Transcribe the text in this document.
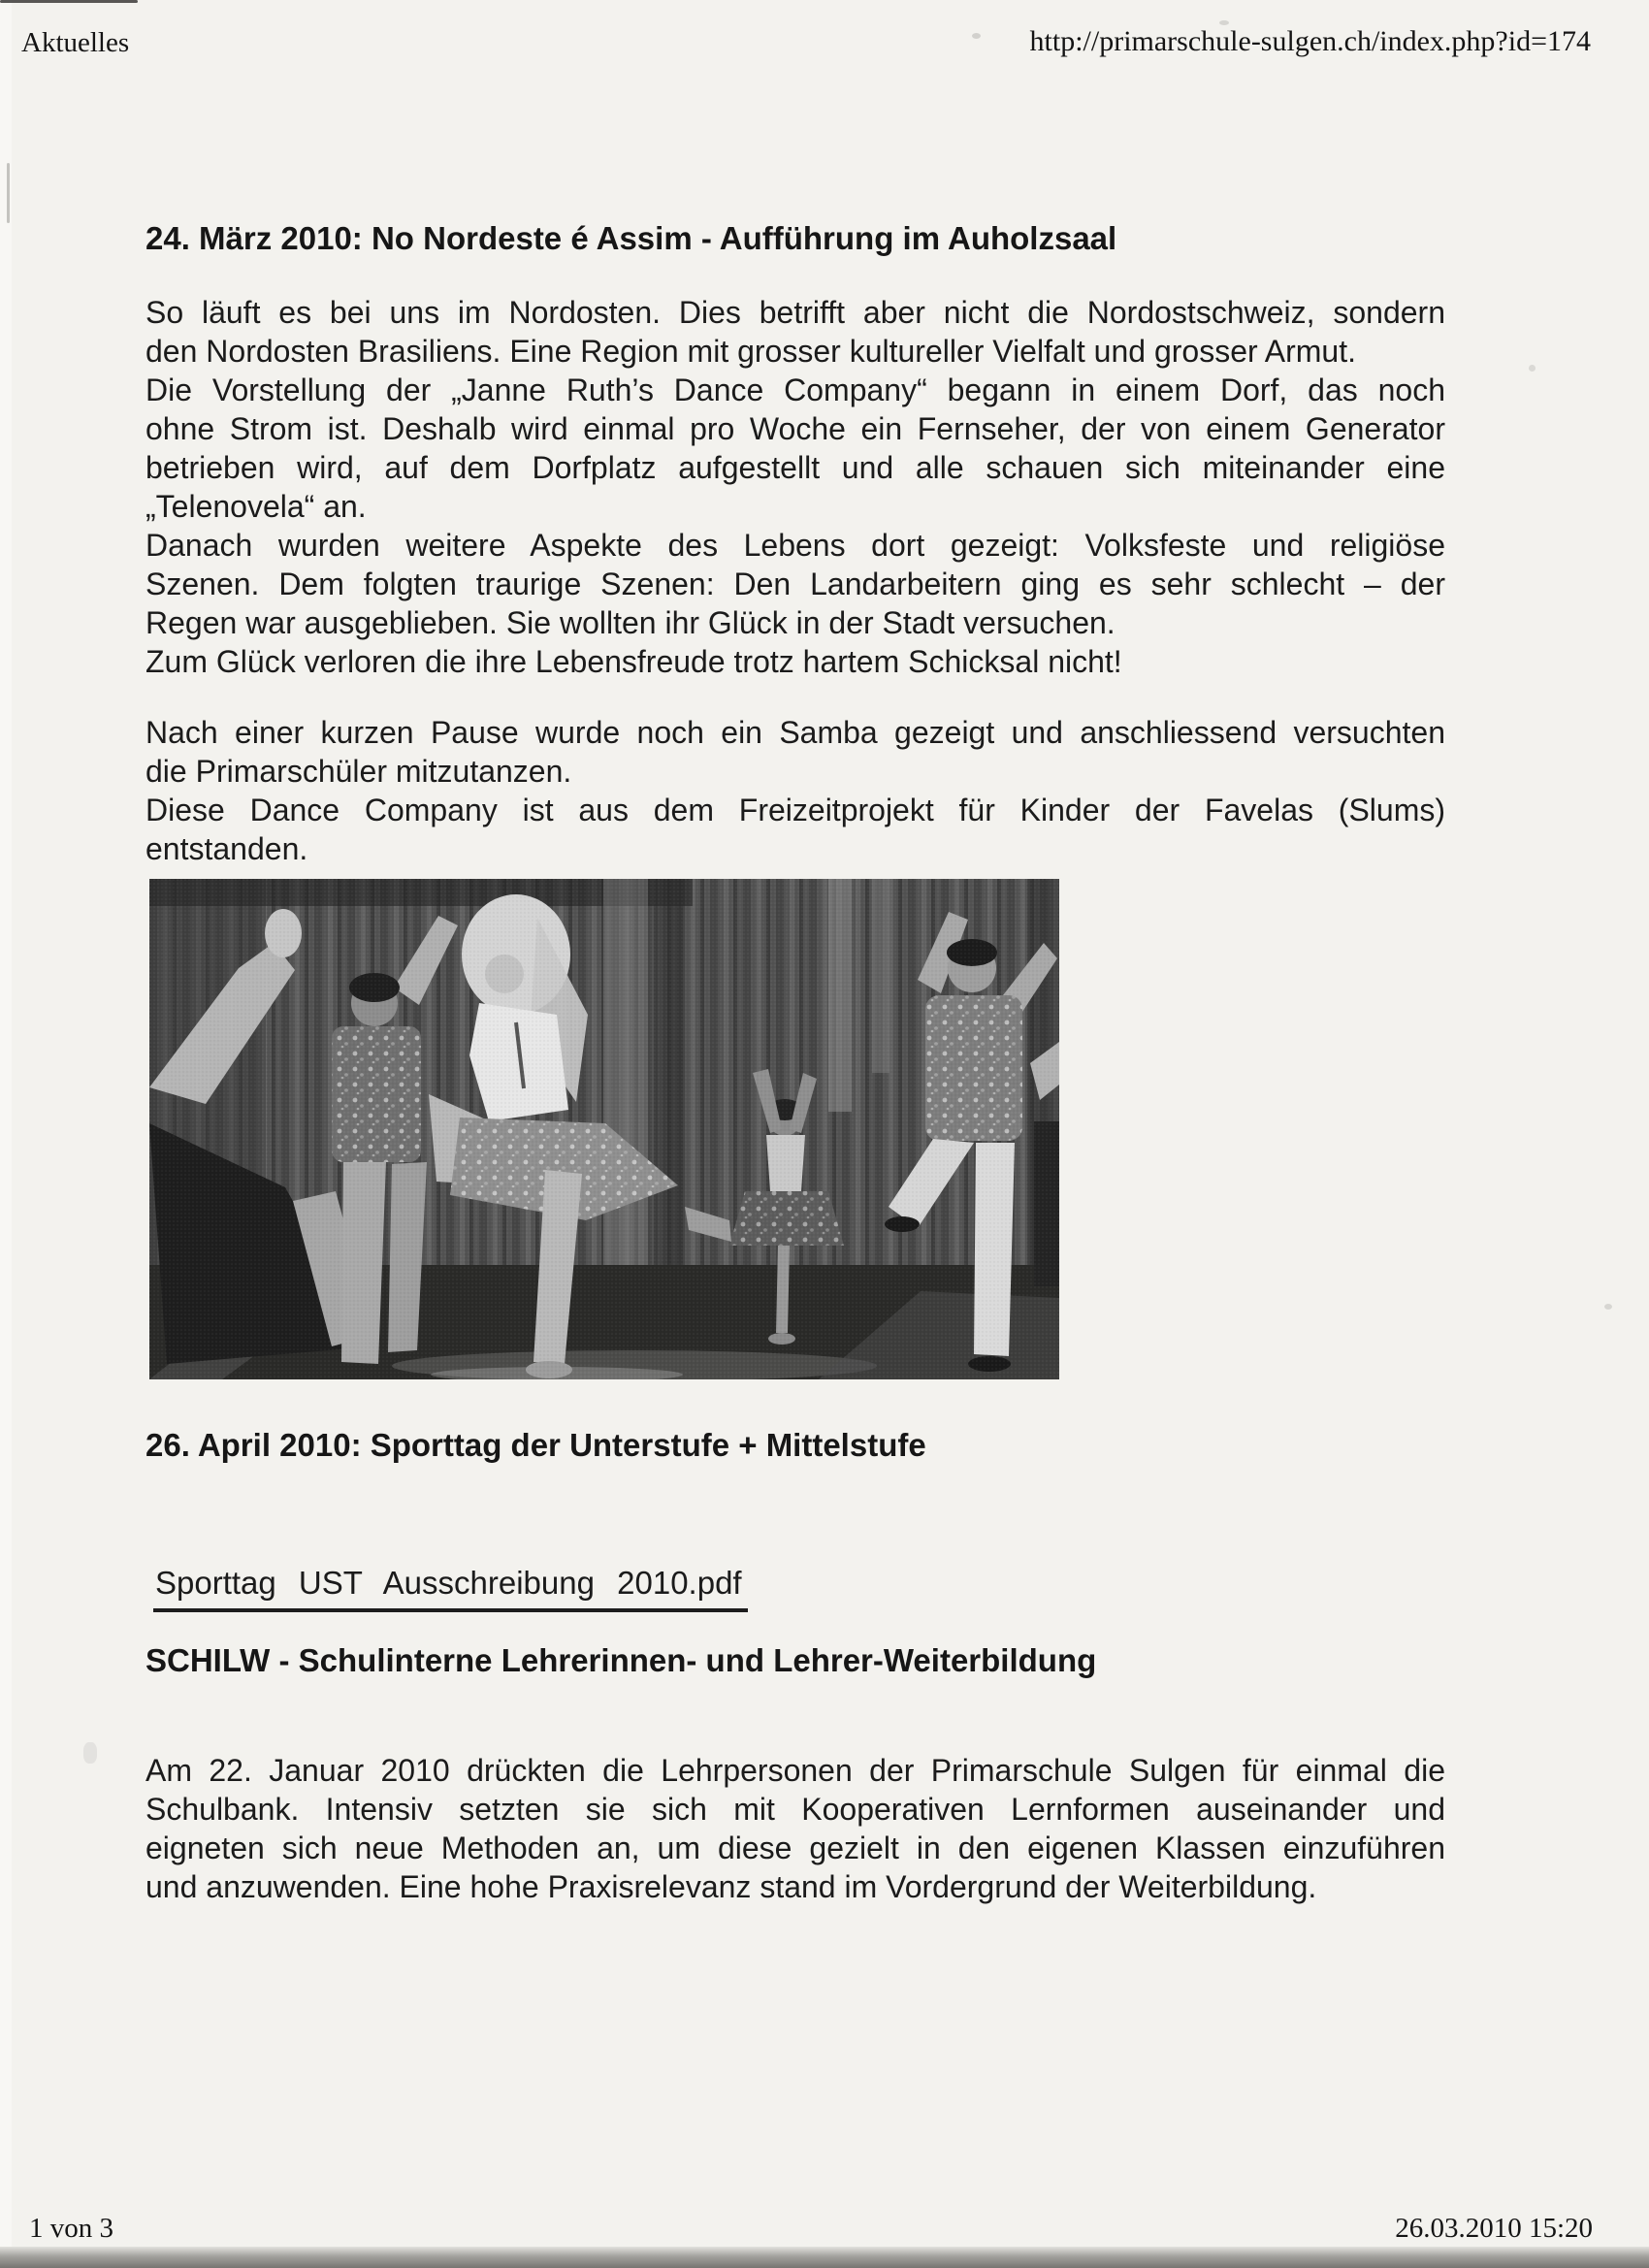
Aktuelles	http://primarschule-sulgen.ch/index.php?id=174
24. März 2010: No Nordeste é Assim - Aufführung im Auholzsaal
So läuft es bei uns im Nordosten. Dies betrifft aber nicht die Nordostschweiz, sondern
den Nordosten Brasiliens. Eine Region mit grosser kultureller Vielfalt und grosser Armut.
Die Vorstellung der „Janne Ruth’s Dance Company“ begann in einem Dorf, das noch
ohne Strom ist. Deshalb wird einmal pro Woche ein Fernseher, der von einem Generator
betrieben wird, auf dem Dorfplatz aufgestellt und alle schauen sich miteinander eine
„Telenovela“ an.
Danach wurden weitere Aspekte des Lebens dort gezeigt: Volksfeste und religiöse
Szenen. Dem folgten traurige Szenen: Den Landarbeitern ging es sehr schlecht – der
Regen war ausgeblieben. Sie wollten ihr Glück in der Stadt versuchen.
Zum Glück verloren die ihre Lebensfreude trotz hartem Schicksal nicht!
Nach einer kurzen Pause wurde noch ein Samba gezeigt und anschliessend versuchten
die Primarschüler mitzutanzen.
Diese Dance Company ist aus dem Freizeitprojekt für Kinder der Favelas (Slums)
entstanden.
26. April 2010: Sporttag der Unterstufe + Mittelstufe
Sporttag UST Ausschreibung 2010.pdf
SCHILW - Schulinterne Lehrerinnen- und Lehrer-Weiterbildung
Am 22. Januar 2010 drückten die Lehrpersonen der Primarschule Sulgen für einmal die
Schulbank. Intensiv setzten sie sich mit Kooperativen Lernformen auseinander und
eigneten sich neue Methoden an, um diese gezielt in den eigenen Klassen einzuführen
und anzuwenden. Eine hohe Praxisrelevanz stand im Vordergrund der Weiterbildung.
1 von 3	26.03.2010 15:20
